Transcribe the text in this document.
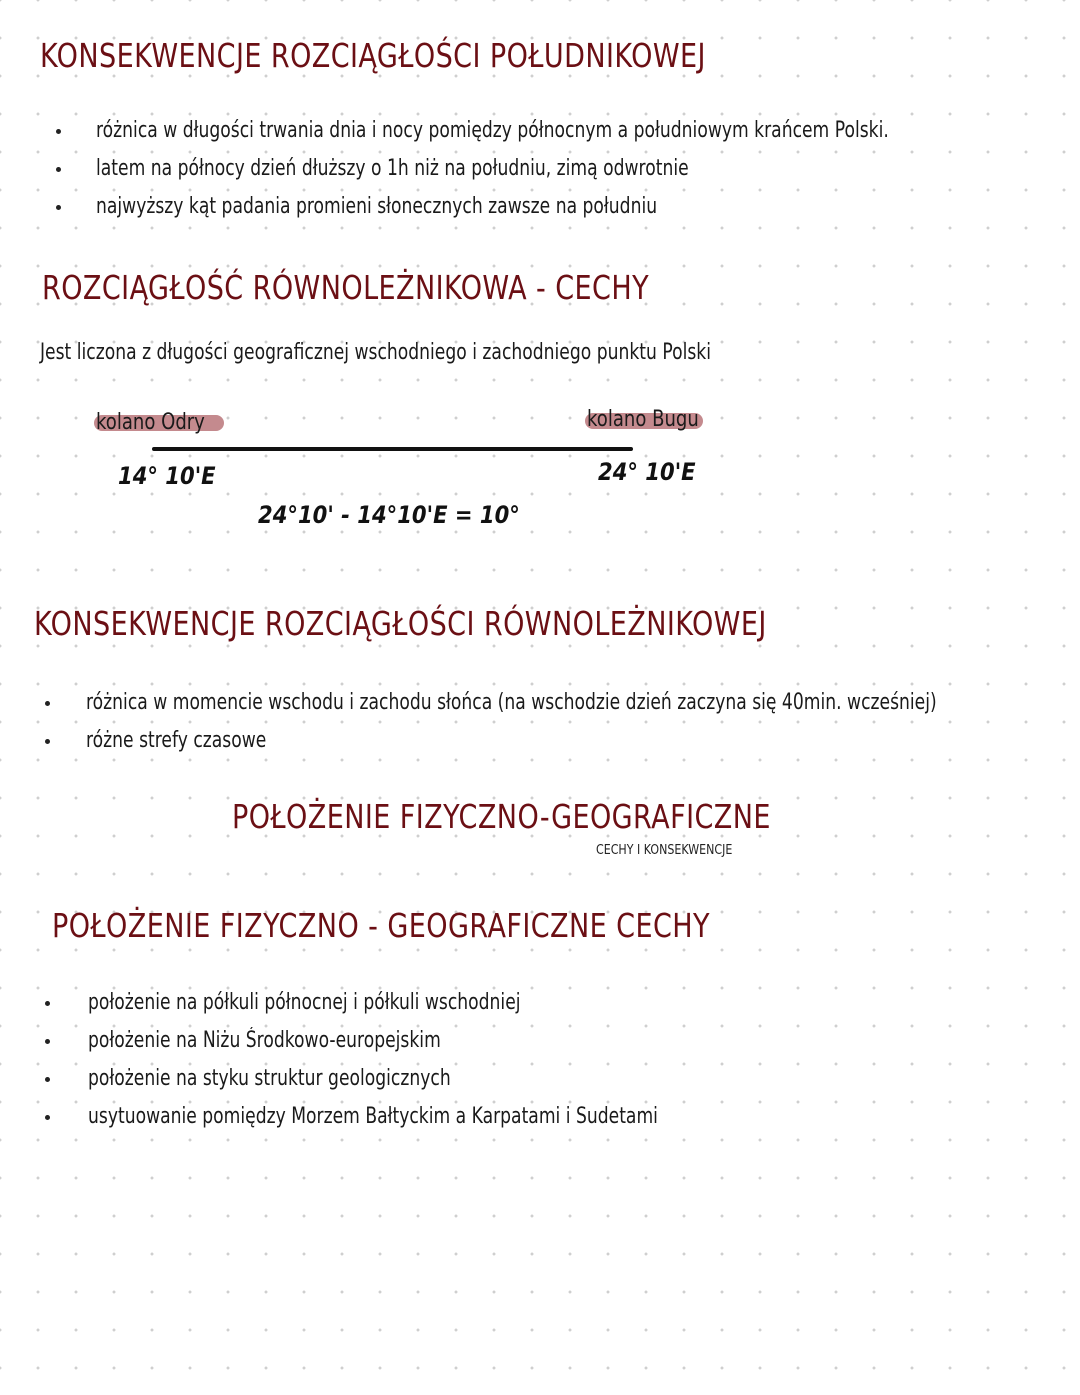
KONSEKWENCJE ROZCIĄGŁOŚCI POŁUDNIKOWEJ
różnica w długości trwania dnia i nocy pomiędzy północnym a południowym krańcem Polski.
latem na północy dzień dłuższy o 1h niż na południu, zimą odwrotnie
najwyższy kąt padania promieni słonecznych zawsze na południu
ROZCIĄGŁOŚĆ RÓWNOLEŻNIKOWA - CECHY

Jest liczona z długości geograficznej wschodniego i zachodniego punktu Polski

kolano Odry	kolano Bugu
14° 10'E	24° 10'E
24°10' - 14°10'E = 10°
KONSEKWENCJE ROZCIĄGŁOŚCI RÓWNOLEŻNIKOWEJ
różnica w momencie wschodu i zachodu słońca (na wschodzie dzień zaczyna się 40min. wcześniej)
różne strefy czasowe
POŁOŻENIE FIZYCZNO-GEOGRAFICZNE
CECHY I KONSEKWENCJE
POŁOŻENIE FIZYCZNO - GEOGRAFICZNE CECHY
położenie na półkuli północnej i półkuli wschodniej
położenie na Niżu Środkowo-europejskim
położenie na styku struktur geologicznych
usytuowanie pomiędzy Morzem Bałtyckim a Karpatami i Sudetami
